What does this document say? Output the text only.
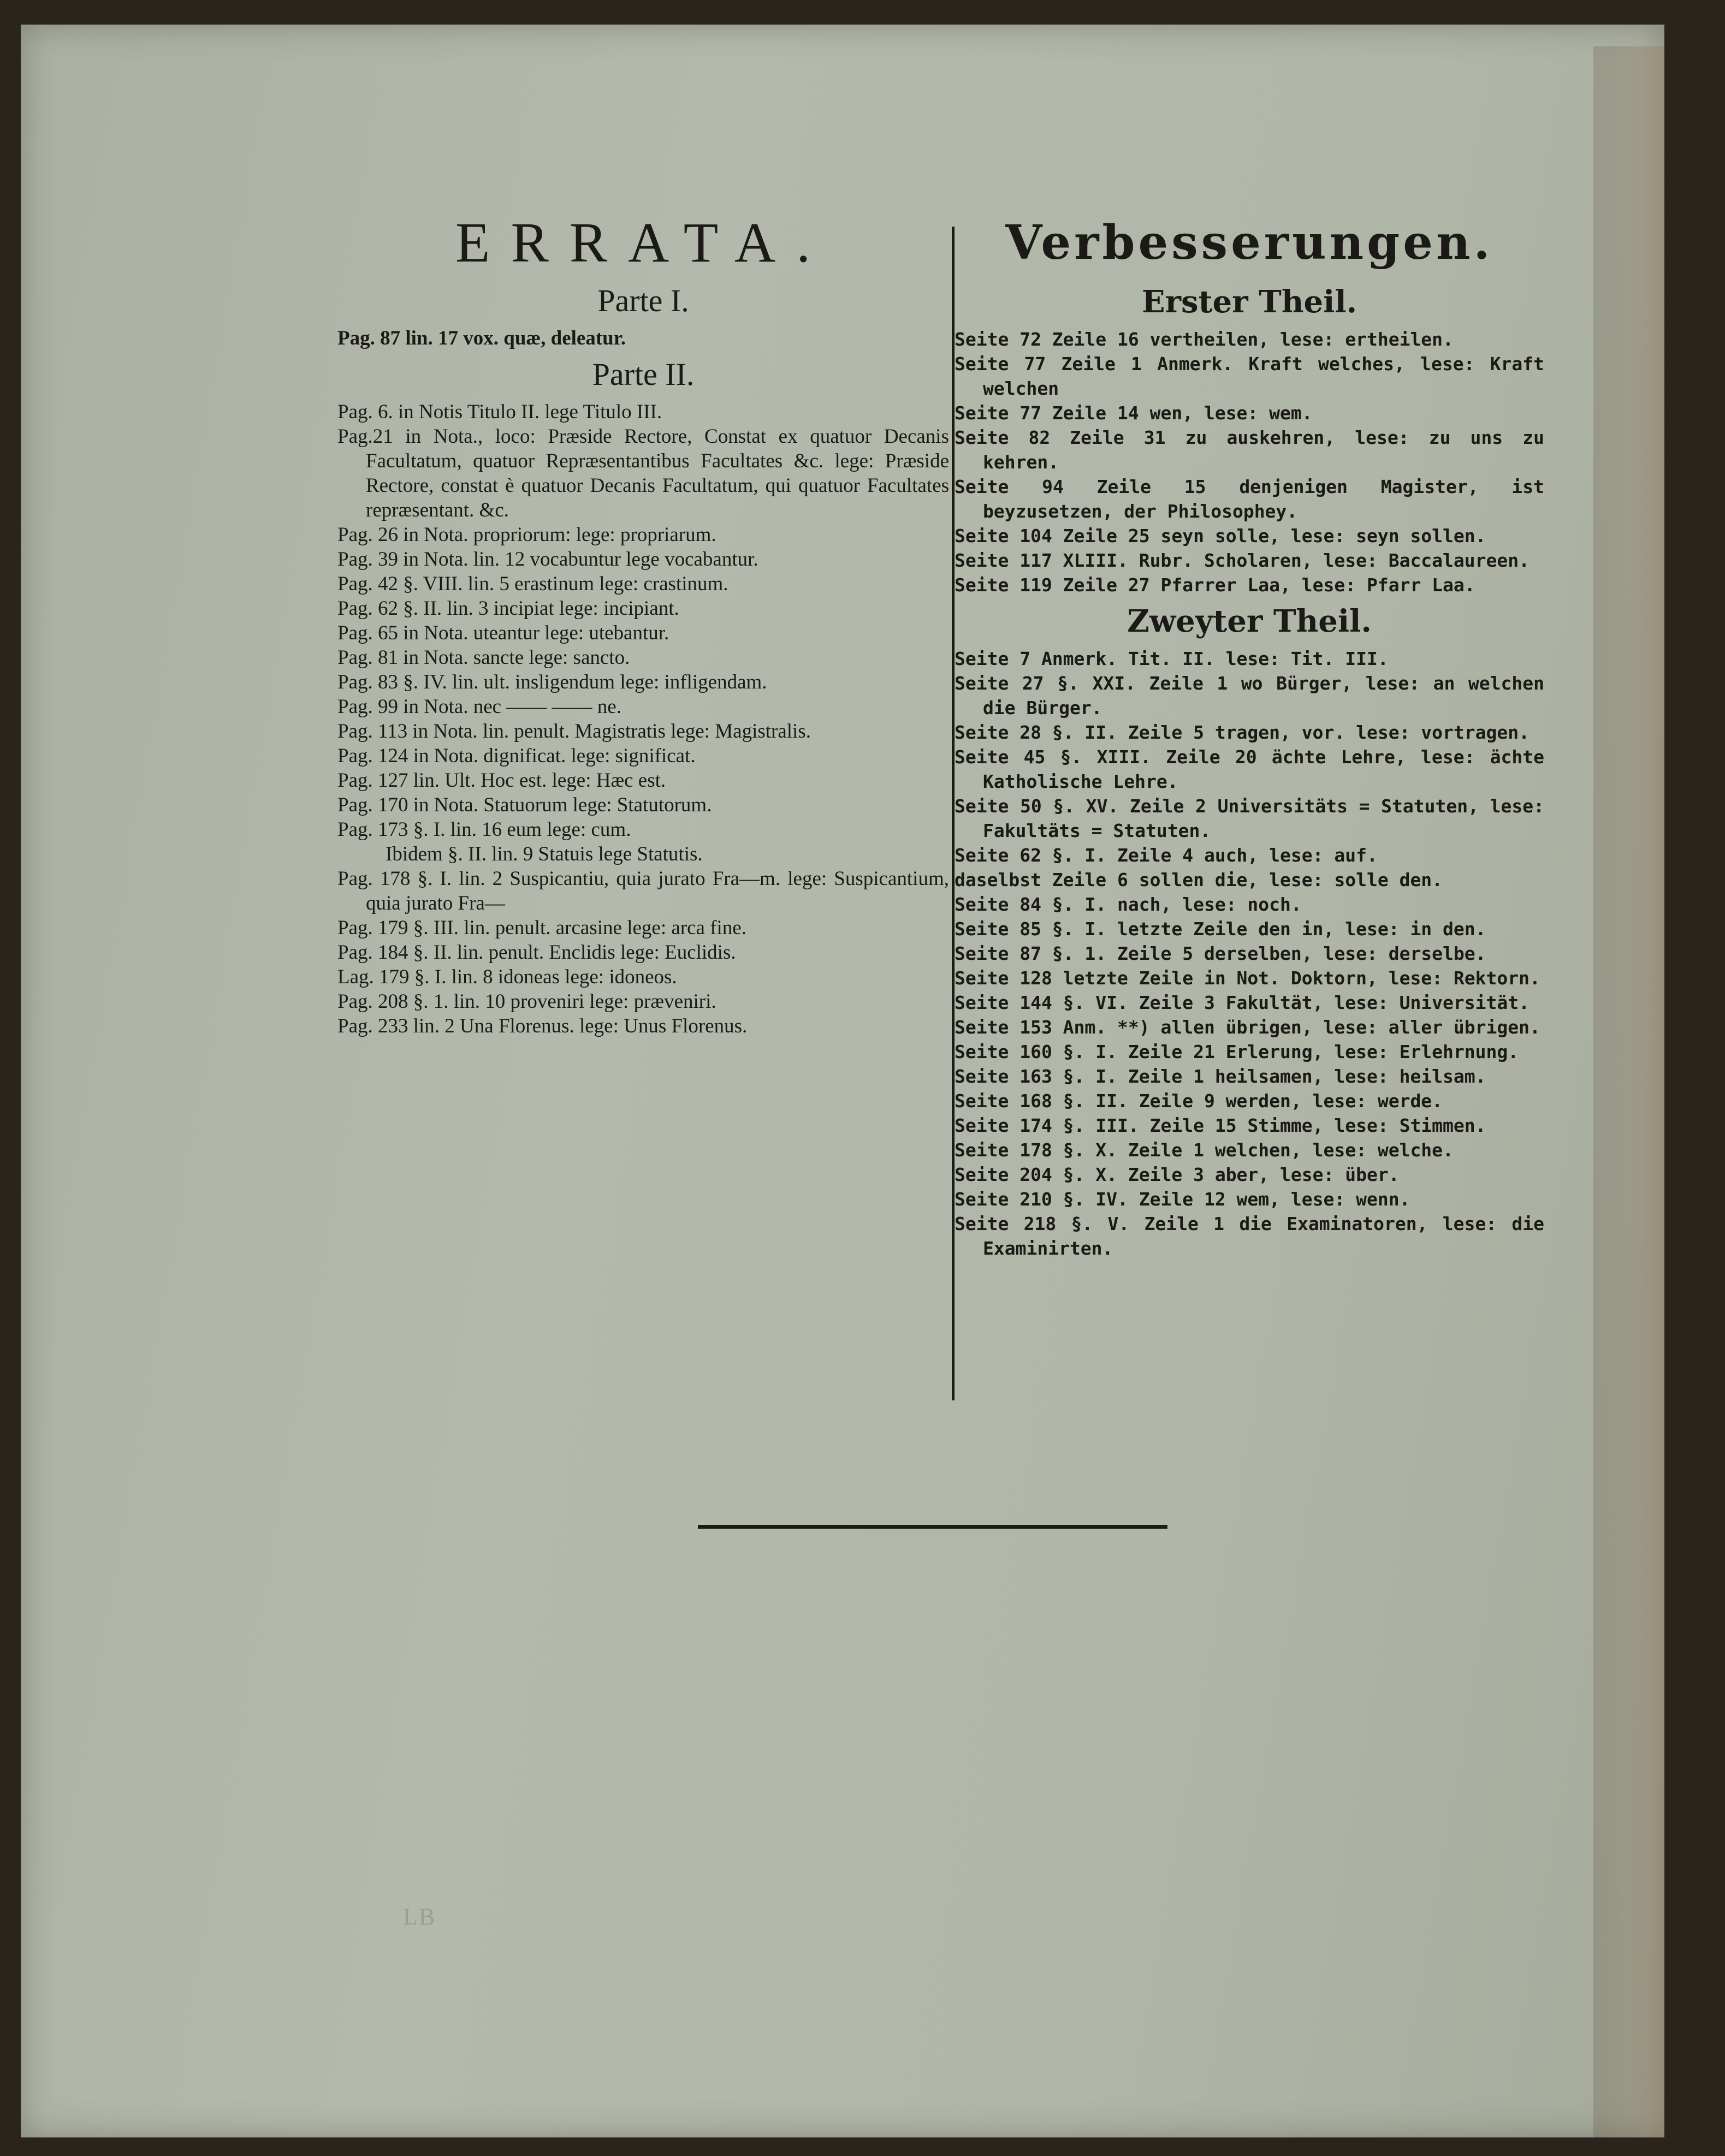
ERRATA.
Parte I.

Pag. 87 lin. 17 vox. quæ, deleatur.

Parte II.

Pag. 6. in Notis Titulo II. lege Titulo III.

Pag.21 in Nota., loco: Præside Rectore, Constat ex quatuor Decanis Facultatum, quatuor Repræsentantibus Facultates &c. lege: Præside Rectore, constat è quatuor Decanis Facultatum, qui quatuor Facultates repræsentant. &c.

Pag. 26 in Nota. propriorum: lege: propriarum.

Pag. 39 in Nota. lin. 12 vocabuntur lege vocabantur.

Pag. 42 §. VIII. lin. 5 erastinum lege: crastinum.

Pag. 62 §. II. lin. 3 incipiat lege: incipiant.

Pag. 65 in Nota. uteantur lege: utebantur.

Pag. 81 in Nota. sancte lege: sancto.

Pag. 83 §. IV. lin. ult. insligendum lege: infligendam.

Pag. 99 in Nota. nec —— —— ne.

Pag. 113 in Nota. lin. penult. Magistratis lege: Magistralis.

Pag. 124 in Nota. dignificat. lege: significat.

Pag. 127 lin. Ult. Hoc est. lege: Hæc est.

Pag. 170 in Nota. Statuorum lege: Statutorum.

Pag. 173 §. I. lin. 16 eum lege: cum.

Ibidem §. II. lin. 9 Statuis lege Statutis.

Pag. 178 §. I. lin. 2 Suspicantiu, quia jurato Fra—m. lege: Suspicantium, quia jurato Fra—

Pag. 179 §. III. lin. penult. arcasine lege: arca fine.

Pag. 184 §. II. lin. penult. Enclidis lege: Euclidis.

Lag. 179 §. I. lin. 8 idoneas lege: idoneos.

Pag. 208 §. 1. lin. 10 proveniri lege: præveniri.

Pag. 233 lin. 2 Una Florenus. lege: Unus Florenus.

Verbesserungen.
Erster Theil.

Seite 72 Zeile 16 vertheilen, lese: ertheilen.

Seite 77 Zeile 1 Anmerk. Kraft welches, lese: Kraft welchen

Seite 77 Zeile 14 wen, lese: wem.

Seite 82 Zeile 31 zu auskehren, lese: zu uns zu kehren.

Seite 94 Zeile 15 denjenigen Magister, ist beyzusetzen, der Philosophey.

Seite 104 Zeile 25 seyn solle, lese: seyn sollen.

Seite 117 XLIII. Rubr. Scholaren, lese: Baccalaureen.

Seite 119 Zeile 27 Pfarrer Laa, lese: Pfarr Laa.

Zweyter Theil.

Seite 7 Anmerk. Tit. II. lese: Tit. III.

Seite 27 §. XXI. Zeile 1 wo Bürger, lese: an welchen die Bürger.

Seite 28 §. II. Zeile 5 tragen, vor. lese: vortragen.

Seite 45 §. XIII. Zeile 20 ächte Lehre, lese: ächte Katholische Lehre.

Seite 50 §. XV. Zeile 2 Universitäts = Statuten, lese: Fakultäts = Statuten.

Seite 62 §. I. Zeile 4 auch, lese: auf.

daselbst Zeile 6 sollen die, lese: solle den.

Seite 84 §. I. nach, lese: noch.

Seite 85 §. I. letzte Zeile den in, lese: in den.

Seite 87 §. 1. Zeile 5 derselben, lese: derselbe.

Seite 128 letzte Zeile in Not. Doktorn, lese: Rektorn.

Seite 144 §. VI. Zeile 3 Fakultät, lese: Universität.

Seite 153 Anm. **) allen übrigen, lese: aller übrigen.

Seite 160 §. I. Zeile 21 Erlerung, lese: Erlehrnung.

Seite 163 §. I. Zeile 1 heilsamen, lese: heilsam.

Seite 168 §. II. Zeile 9 werden, lese: werde.

Seite 174 §. III. Zeile 15 Stimme, lese: Stimmen.

Seite 178 §. X. Zeile 1 welchen, lese: welche.

Seite 204 §. X. Zeile 3 aber, lese: über.

Seite 210 §. IV. Zeile 12 wem, lese: wenn.

Seite 218 §. V. Zeile 1 die Examinatoren, lese: die Examinirten.

LB
